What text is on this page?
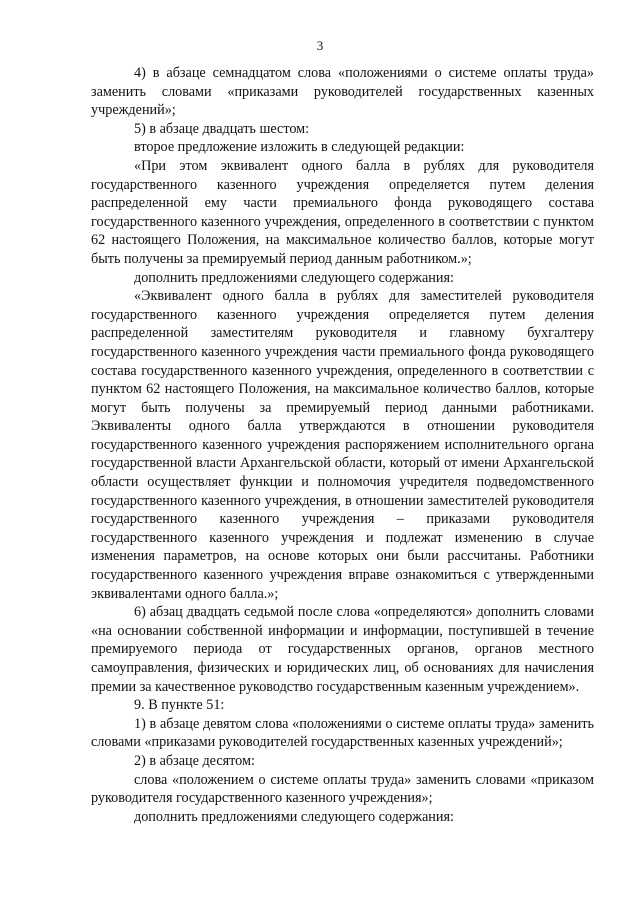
3

4) в абзаце семнадцатом слова «положениями о системе оплаты труда» заменить словами «приказами руководителей государственных казенных учреждений»;

5) в абзаце двадцать шестом:

второе предложение изложить в следующей редакции:

«При этом эквивалент одного балла в рублях для руководителя государственного казенного учреждения определяется путем деления распределенной ему части премиального фонда руководящего состава государственного казенного учреждения, определенного в соответствии с пунктом 62 настоящего Положения, на максимальное количество баллов, которые могут быть получены за премируемый период данным работником.»;

дополнить предложениями следующего содержания:

«Эквивалент одного балла в рублях для заместителей руководителя государственного казенного учреждения определяется путем деления распределенной заместителям руководителя и главному бухгалтеру государственного казенного учреждения части премиального фонда руководящего состава государственного казенного учреждения, определенного в соответствии с пунктом 62 настоящего Положения, на максимальное количество баллов, которые могут быть получены за премируемый период данными работниками. Эквиваленты одного балла утверждаются в отношении руководителя государственного казенного учреждения распоряжением исполнительного органа государственной власти Архангельской области, который от имени Архангельской области осуществляет функции и полномочия учредителя подведомственного государственного казенного учреждения, в отношении заместителей руководителя государственного казенного учреждения – приказами руководителя государственного казенного учреждения и подлежат изменению в случае изменения параметров, на основе которых они были рассчитаны. Работники государственного казенного учреждения вправе ознакомиться с утвержденными эквивалентами одного балла.»;

6) абзац двадцать седьмой после слова «определяются» дополнить словами «на основании собственной информации и информации, поступившей в течение премируемого периода от государственных органов, органов местного самоуправления, физических и юридических лиц, об основаниях для начисления премии за качественное руководство государственным казенным учреждением».

9. В пункте 51:

1) в абзаце девятом слова «положениями о системе оплаты труда» заменить словами «приказами руководителей государственных казенных учреждений»;

2) в абзаце десятом:

слова «положением о системе оплаты труда» заменить словами «приказом руководителя государственного казенного учреждения»;

дополнить предложениями следующего содержания:
